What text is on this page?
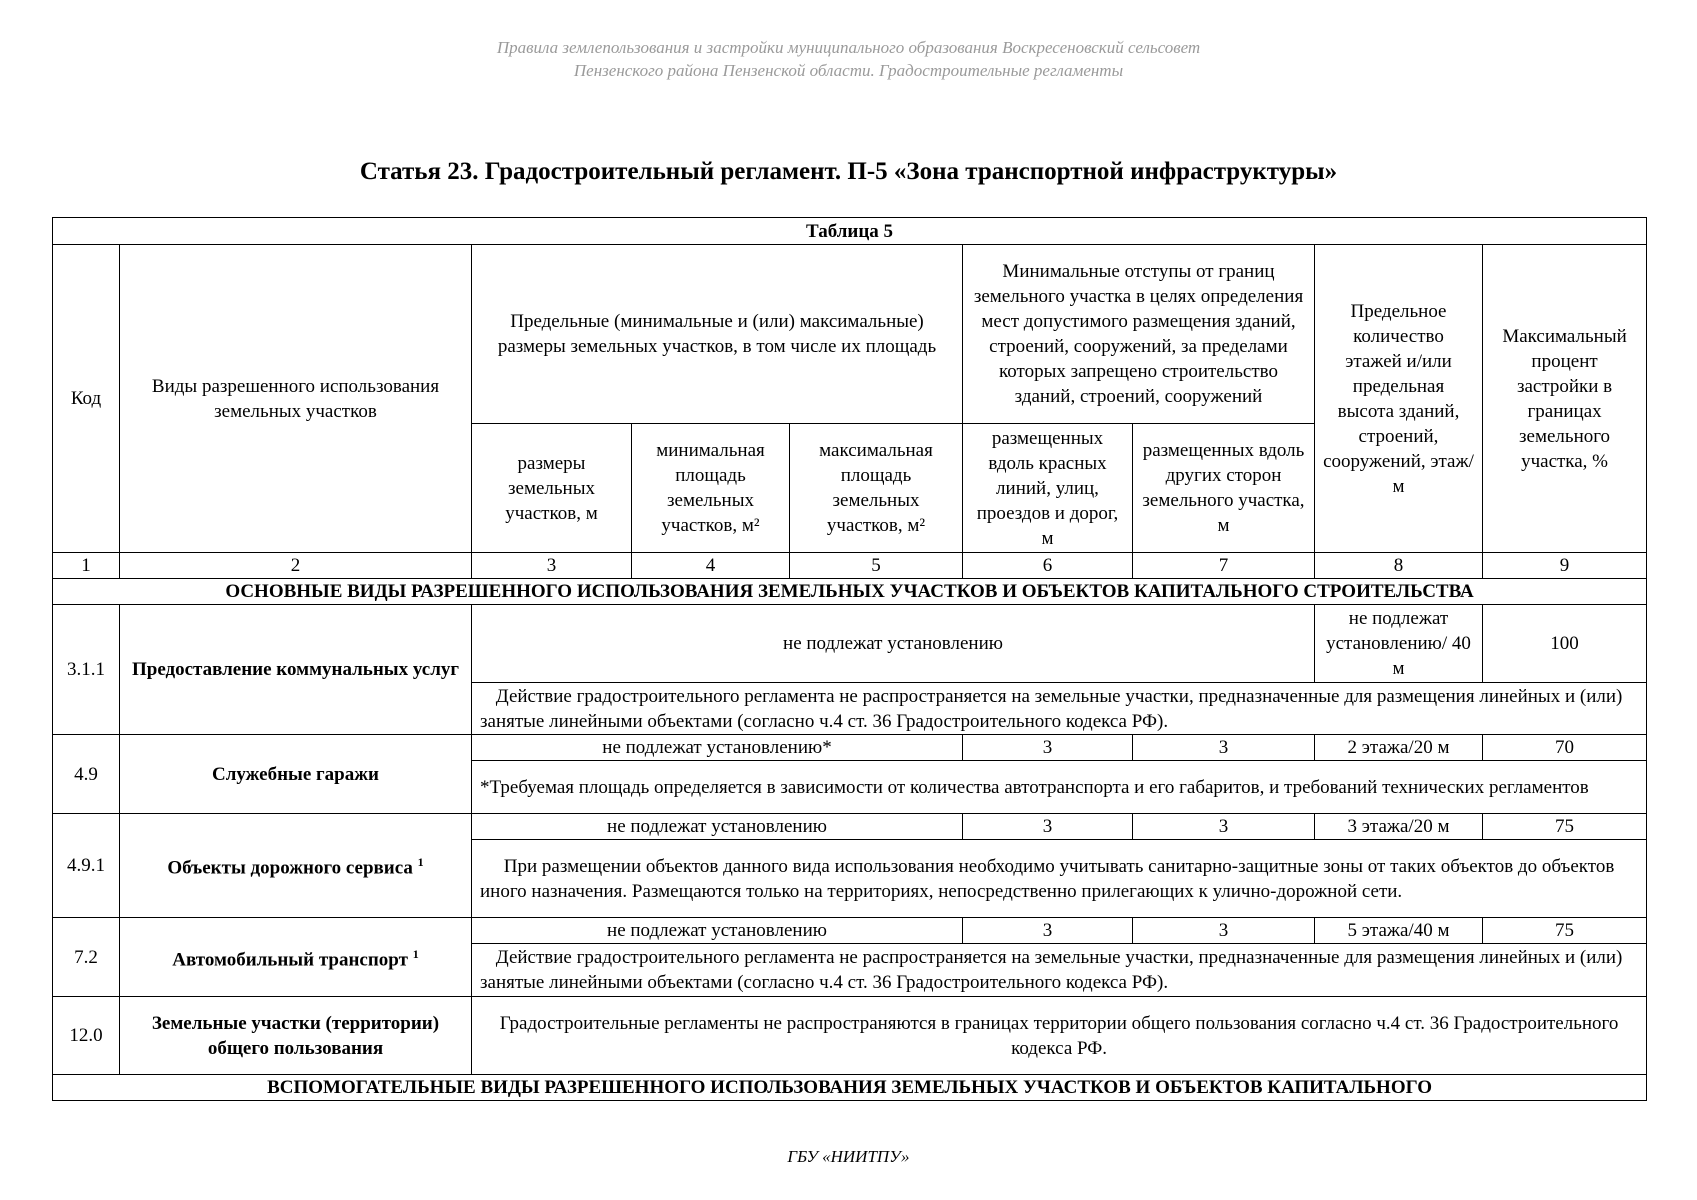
Правила землепользования и застройки муниципального образования Воскресеновский сельсовет
Пензенского района Пензенской области. Градостроительные регламенты
Статья 23. Градостроительный регламент. П-5 «Зона транспортной инфраструктуры»
Таблица 5								
Код	Виды разрешенного использования земельных участков	Предельные (минимальные и (или) максимальные) размеры земельных участков, в том числе их площадь			Минимальные отступы от границ земельного участка в целях определения мест допустимого размещения зданий, строений, сооружений, за пределами которых запрещено строительство зданий, строений, сооружений		Предельное количество этажей и/или предельная высота зданий, строений, сооружений, этаж/м	Максимальный процент застройки в границах земельного участка, %
		размеры земельных участков, м	минимальная площадь земельных участков, м²	максимальная площадь земельных участков, м²	размещенных вдоль красных линий, улиц, проездов и дорог, м	размещенных вдоль других сторон земельного участка, м		
1	2	3	4	5	6	7	8	9
ОСНОВНЫЕ ВИДЫ РАЗРЕШЕННОГО ИСПОЛЬЗОВАНИЯ ЗЕМЕЛЬНЫХ УЧАСТКОВ И ОБЪЕКТОВ КАПИТАЛЬНОГО СТРОИТЕЛЬСТВА								
3.1.1	Предоставление коммунальных услуг	не подлежат установлению					не подлежат установлению/ 40 м	100
		Действие градостроительного регламента не распространяется на земельные участки, предназначенные для размещения линейных и (или) занятые линейными объектами (согласно ч.4 ст. 36 Градостроительного кодекса РФ).						
4.9	Служебные гаражи	не подлежат установлению*			3	3	2 этажа/20 м	70
		*Требуемая площадь определяется в зависимости от количества автотранспорта и его габаритов, и требований технических регламентов						
4.9.1	Объекты дорожного сервиса $^1$	не подлежат установлению			3	3	3 этажа/20 м	75
		При размещении объектов данного вида использования необходимо учитывать санитарно-защитные зоны от таких объектов до объектов иного назначения. Размещаются только на территориях, непосредственно прилегающих к улично-дорожной сети.						
7.2	Автомобильный транспорт $^1$	не подлежат установлению			3	3	5 этажа/40 м	75
		Действие градостроительного регламента не распространяется на земельные участки, предназначенные для размещения линейных и (или) занятые линейными объектами (согласно ч.4 ст. 36 Градостроительного кодекса РФ).						
12.0	Земельные участки (территории) общего пользования	Градостроительные регламенты не распространяются в границах территории общего пользования согласно ч.4 ст. 36 Градостроительного кодекса РФ.						
ВСПОМОГАТЕЛЬНЫЕ ВИДЫ РАЗРЕШЕННОГО ИСПОЛЬЗОВАНИЯ ЗЕМЕЛЬНЫХ УЧАСТКОВ И ОБЪЕКТОВ КАПИТАЛЬНОГО								
ГБУ «НИИТПУ»
